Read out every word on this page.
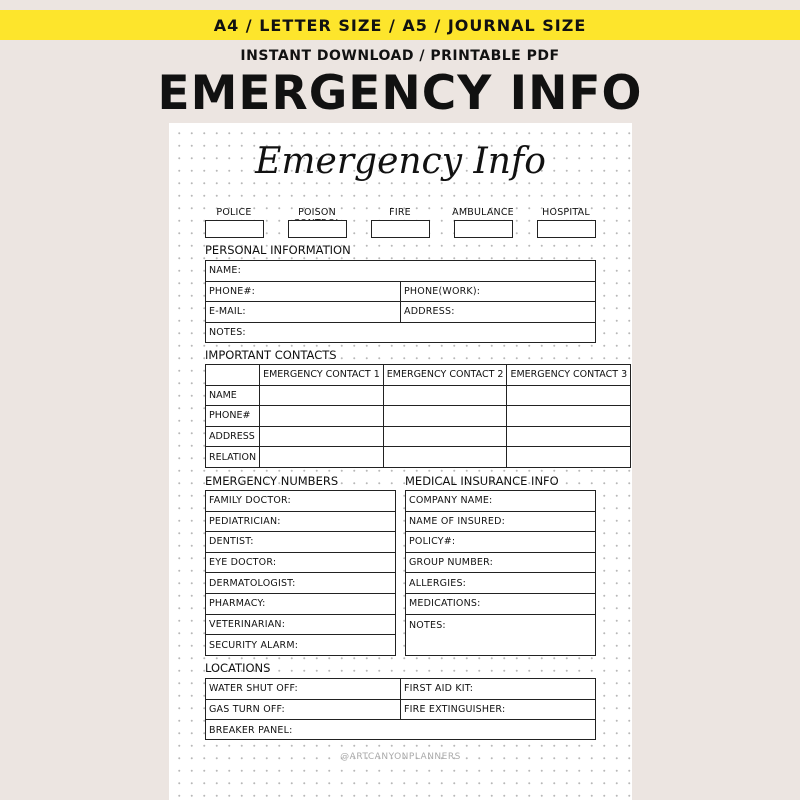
A4 / LETTER SIZE / A5 / JOURNAL SIZE
INSTANT DOWNLOAD / PRINTABLE PDF
EMERGENCY INFO
Emergency Info
POLICE	POISON	FIRE	AMBULANCE	HOSPITAL
PERSONAL INFORMATION
NAME:
PHONE#:	PHONE(WORK):
E-MAIL:	ADDRESS:
NOTES:
IMPORTANT CONTACTS
	EMERGENCY CONTACT 1	EMERGENCY CONTACT 2	EMERGENCY CONTACT 3
NAME			
PHONE#			
ADDRESS			
RELATION			
EMERGENCY NUMBERS
FAMILY DOCTOR:
PEDIATRICIAN:
DENTIST:
EYE DOCTOR:
DERMATOLOGIST:
PHARMACY:
VETERINARIAN:
SECURITY ALARM:
MEDICAL INSURANCE INFO
COMPANY NAME:
NAME OF INSURED:
POLICY#:
GROUP NUMBER:
ALLERGIES:
MEDICATIONS:
NOTES:
LOCATIONS
WATER SHUT OFF:	FIRST AID KIT:
GAS TURN OFF:	FIRE EXTINGUISHER:
BREAKER PANEL:
@ARTCANYONPLANNERS
